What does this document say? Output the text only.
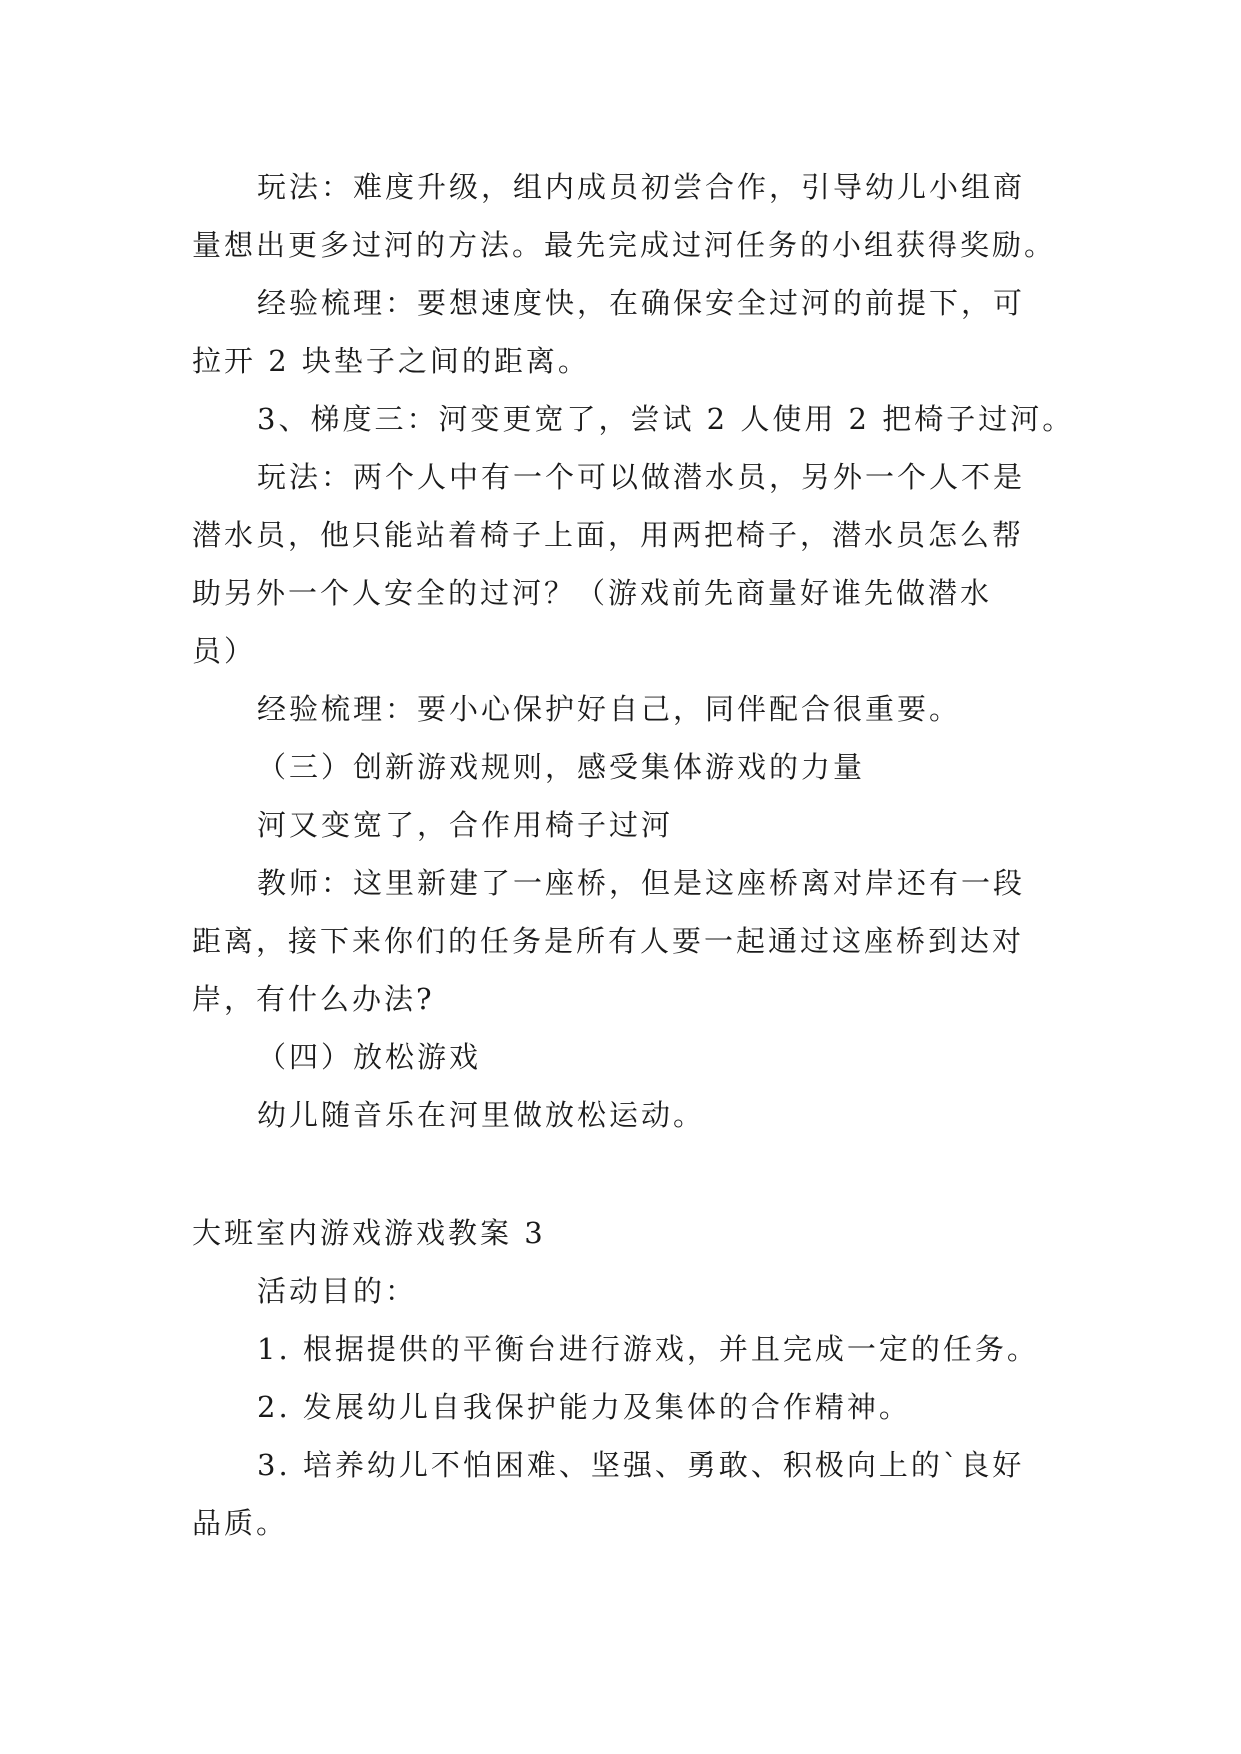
玩法：难度升级，组内成员初尝合作，引导幼儿小组商

量想出更多过河的方法。最先完成过河任务的小组获得奖励。

经验梳理：要想速度快，在确保安全过河的前提下，可

拉开 2 块垫子之间的距离。

3、梯度三：河变更宽了，尝试 2 人使用 2 把椅子过河。

玩法：两个人中有一个可以做潜水员，另外一个人不是

潜水员，他只能站着椅子上面，用两把椅子，潜水员怎么帮

助另外一个人安全的过河？（游戏前先商量好谁先做潜水

员）

经验梳理：要小心保护好自己，同伴配合很重要。

（三）创新游戏规则，感受集体游戏的力量

河又变宽了，合作用椅子过河

教师：这里新建了一座桥，但是这座桥离对岸还有一段

距离，接下来你们的任务是所有人要一起通过这座桥到达对

岸，有什么办法?

（四）放松游戏

幼儿随音乐在河里做放松运动。

大班室内游戏游戏教案 3

活动目的：

1. 根据提供的平衡台进行游戏，并且完成一定的任务。

2. 发展幼儿自我保护能力及集体的合作精神。

3. 培养幼儿不怕困难、坚强、勇敢、积极向上的`良好

品质。
